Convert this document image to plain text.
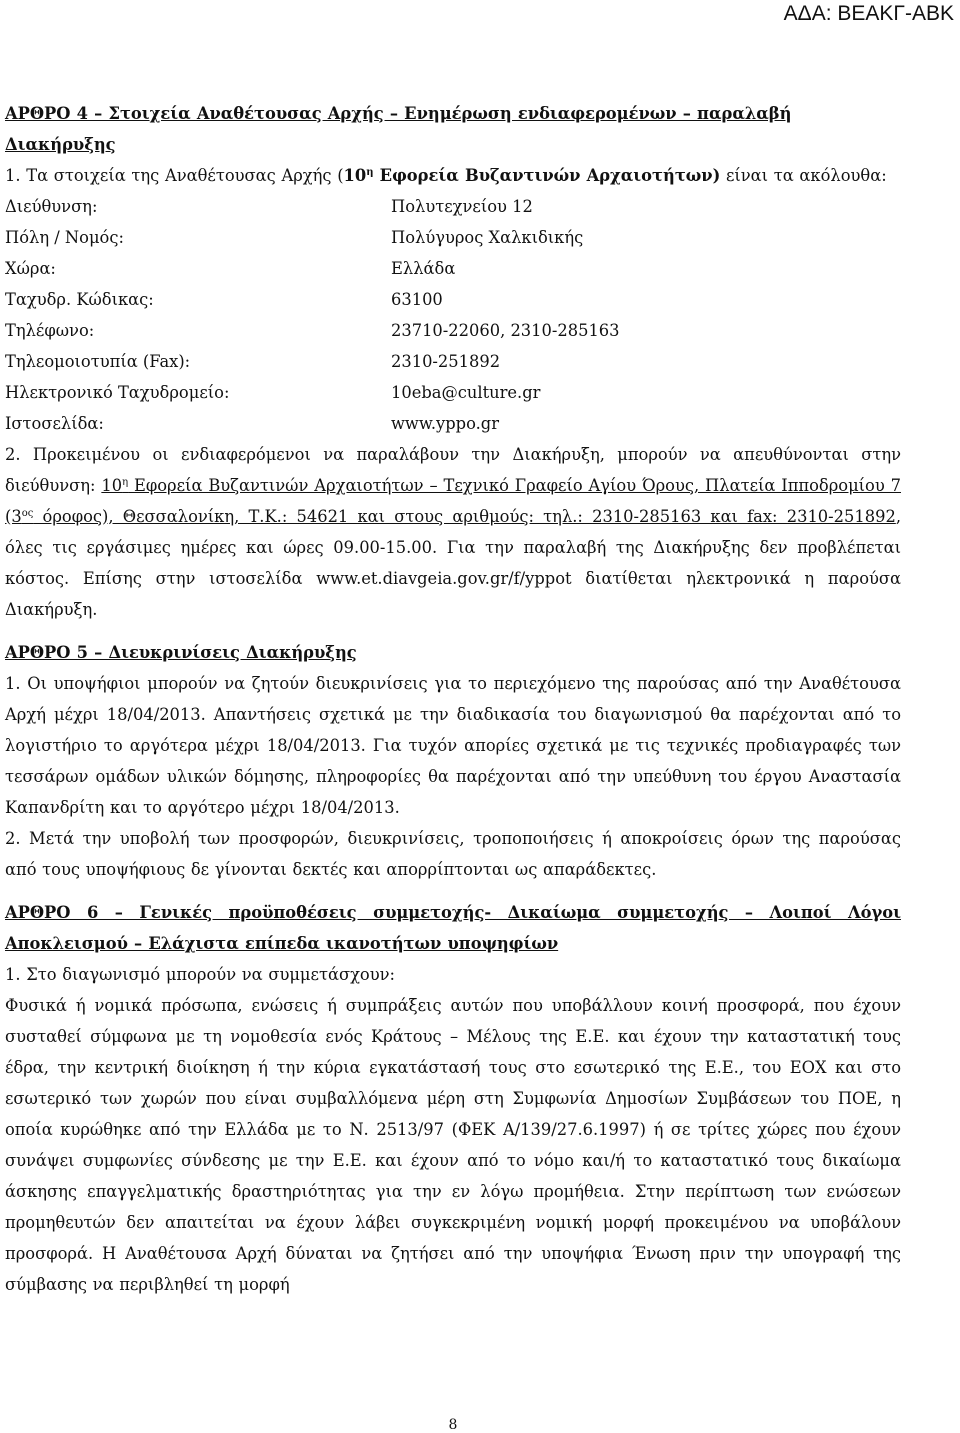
ΑΔΑ: ΒΕΑΚΓ-ΑΒΚ

ΑΡΘΡΟ 4 – Στοιχεία Αναθέτουσας Αρχής – Ενημέρωση ενδιαφερομένων – παραλαβή
Διακήρυξης

1. Τα στοιχεία της Αναθέτουσας Αρχής ($10^\eta$ Εφορεία Βυζαντινών Αρχαιοτήτων) είναι τα ακόλουθα:

Διεύθυνση:	Πολυτεχνείου 12
Πόλη / Νομός:	Πολύγυρος Χαλκιδικής
Χώρα:	Ελλάδα
Ταχυδρ. Κώδικας:	63100
Τηλέφωνο:	23710-22060, 2310-285163
Τηλεομοιοτυπία (Fax):	2310-251892
Ηλεκτρονικό Ταχυδρομείο:	10eba@culture.gr
Ιστοσελίδα:	www.yppo.gr

2. Προκειμένου οι ενδιαφερόμενοι να παραλάβουν την Διακήρυξη, μπορούν να απευθύνονται στην διεύθυνση: $10^\eta$ Εφορεία Βυζαντινών Αρχαιοτήτων – Τεχνικό Γραφείο Αγίου Όρους, Πλατεία Ιπποδρομίου 7 ($3^{o\varsigma}$ όροφος), Θεσσαλονίκη, Τ.Κ.: 54621 και στους αριθμούς: τηλ.: 2310-285163 και fax: 2310-251892, όλες τις εργάσιμες ημέρες και ώρες 09.00-15.00. Για την παραλαβή της Διακήρυξης δεν προβλέπεται κόστος. Επίσης στην ιστοσελίδα www.et.diavgeia.gov.gr/f/yppot διατίθεται ηλεκτρονικά η παρούσα Διακήρυξη.

ΑΡΘΡΟ 5 – Διευκρινίσεις Διακήρυξης

1. Οι υποψήφιοι μπορούν να ζητούν διευκρινίσεις για το περιεχόμενο της παρούσας από την Αναθέτουσα Αρχή μέχρι 18/04/2013. Απαντήσεις σχετικά με την διαδικασία του διαγωνισμού θα παρέχονται από το λογιστήριο το αργότερα μέχρι 18/04/2013. Για τυχόν απορίες σχετικά με τις τεχνικές προδιαγραφές των τεσσάρων ομάδων υλικών δόμησης, πληροφορίες θα παρέχονται από την υπεύθυνη του έργου Αναστασία Καπανδρίτη και το αργότερο μέχρι 18/04/2013.

2. Μετά την υποβολή των προσφορών, διευκρινίσεις, τροποποιήσεις ή αποκροίσεις όρων της παρούσας από τους υποψήφιους δε γίνονται δεκτές και απορρίπτονται ως απαράδεκτες.

ΑΡΘΡΟ 6 – Γενικές προϋποθέσεις συμμετοχής- Δικαίωμα συμμετοχής – Λοιποί Λόγοι Αποκλεισμού – Ελάχιστα επίπεδα ικανοτήτων υποψηφίων

1. Στο διαγωνισμό μπορούν να συμμετάσχουν:

Φυσικά ή νομικά πρόσωπα, ενώσεις ή συμπράξεις αυτών που υποβάλλουν κοινή προσφορά, που έχουν συσταθεί σύμφωνα με τη νομοθεσία ενός Κράτους – Μέλους της Ε.Ε. και έχουν την καταστατική τους έδρα, την κεντρική διοίκηση ή την κύρια εγκατάστασή τους στο εσωτερικό της Ε.Ε., του ΕΟΧ και στο εσωτερικό των χωρών που είναι συμβαλλόμενα μέρη στη Συμφωνία Δημοσίων Συμβάσεων του ΠΟΕ, η οποία κυρώθηκε από την Ελλάδα με το Ν. 2513/97 (ΦΕΚ Α/139/27.6.1997) ή σε τρίτες χώρες που έχουν συνάψει συμφωνίες σύνδεσης με την Ε.Ε. και έχουν από το νόμο και/ή το καταστατικό τους δικαίωμα άσκησης επαγγελματικής δραστηριότητας για την εν λόγω προμήθεια. Στην περίπτωση των ενώσεων προμηθευτών δεν απαιτείται να έχουν λάβει συγκεκριμένη νομική μορφή προκειμένου να υποβάλουν προσφορά. Η Αναθέτουσα Αρχή δύναται να ζητήσει από την υποψήφια Ένωση πριν την υπογραφή της σύμβασης να περιβληθεί τη μορφή

8
